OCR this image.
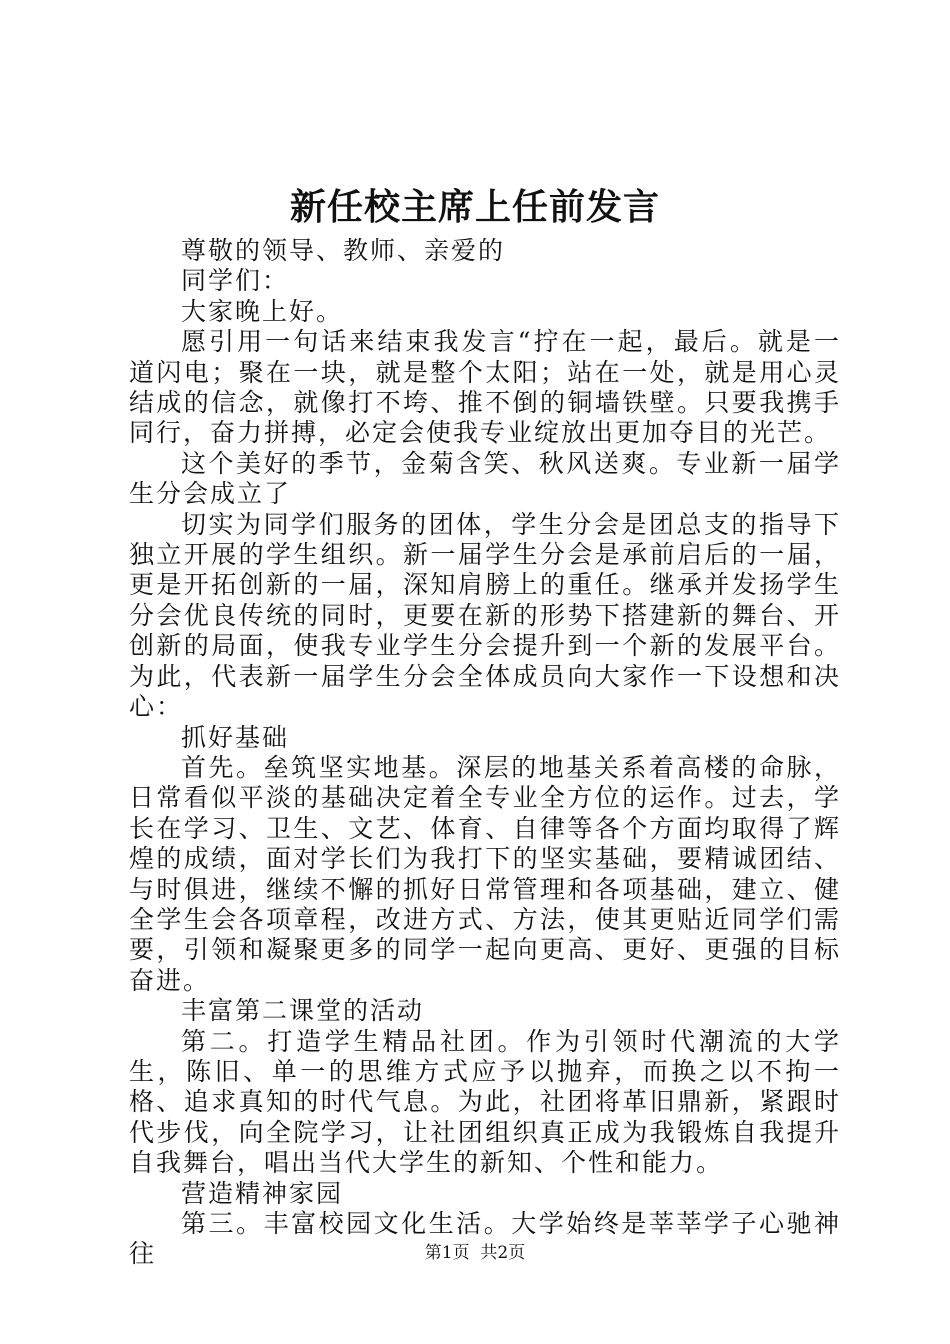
新任校主席上任前发言

尊敬的领导、教师、亲爱的

同学们：

大家晚上好。

愿引用一句话来结束我发言“拧在一起，最后。就是一道闪电；聚在一块，就是整个太阳；站在一处，就是用心灵结成的信念，就像打不垮、推不倒的铜墙铁壁。只要我携手同行，奋力拼搏，必定会使我专业绽放出更加夺目的光芒。

这个美好的季节，金菊含笑、秋风送爽。专业新一届学生分会成立了

切实为同学们服务的团体，学生分会是团总支的指导下独立开展的学生组织。新一届学生分会是承前启后的一届，更是开拓创新的一届，深知肩膀上的重任。继承并发扬学生分会优良传统的同时，更要在新的形势下搭建新的舞台、开创新的局面，使我专业学生分会提升到一个新的发展平台。为此，代表新一届学生分会全体成员向大家作一下设想和决心：

抓好基础

首先。垒筑坚实地基。深层的地基关系着高楼的命脉，日常看似平淡的基础决定着全专业全方位的运作。过去，学长在学习、卫生、文艺、体育、自律等各个方面均取得了辉煌的成绩，面对学长们为我打下的坚实基础，要精诚团结、与时俱进，继续不懈的抓好日常管理和各项基础，建立、健全学生会各项章程，改进方式、方法，使其更贴近同学们需要，引领和凝聚更多的同学一起向更高、更好、更强的目标奋进。

丰富第二课堂的活动

第二。打造学生精品社团。作为引领时代潮流的大学生，陈旧、单一的思维方式应予以抛弃，而换之以不拘一格、追求真知的时代气息。为此，社团将革旧鼎新，紧跟时代步伐，向全院学习，让社团组织真正成为我锻炼自我提升自我舞台，唱出当代大学生的新知、个性和能力。

营造精神家园

第三。丰富校园文化生活。大学始终是莘莘学子心驰神往	第1页 共2页
